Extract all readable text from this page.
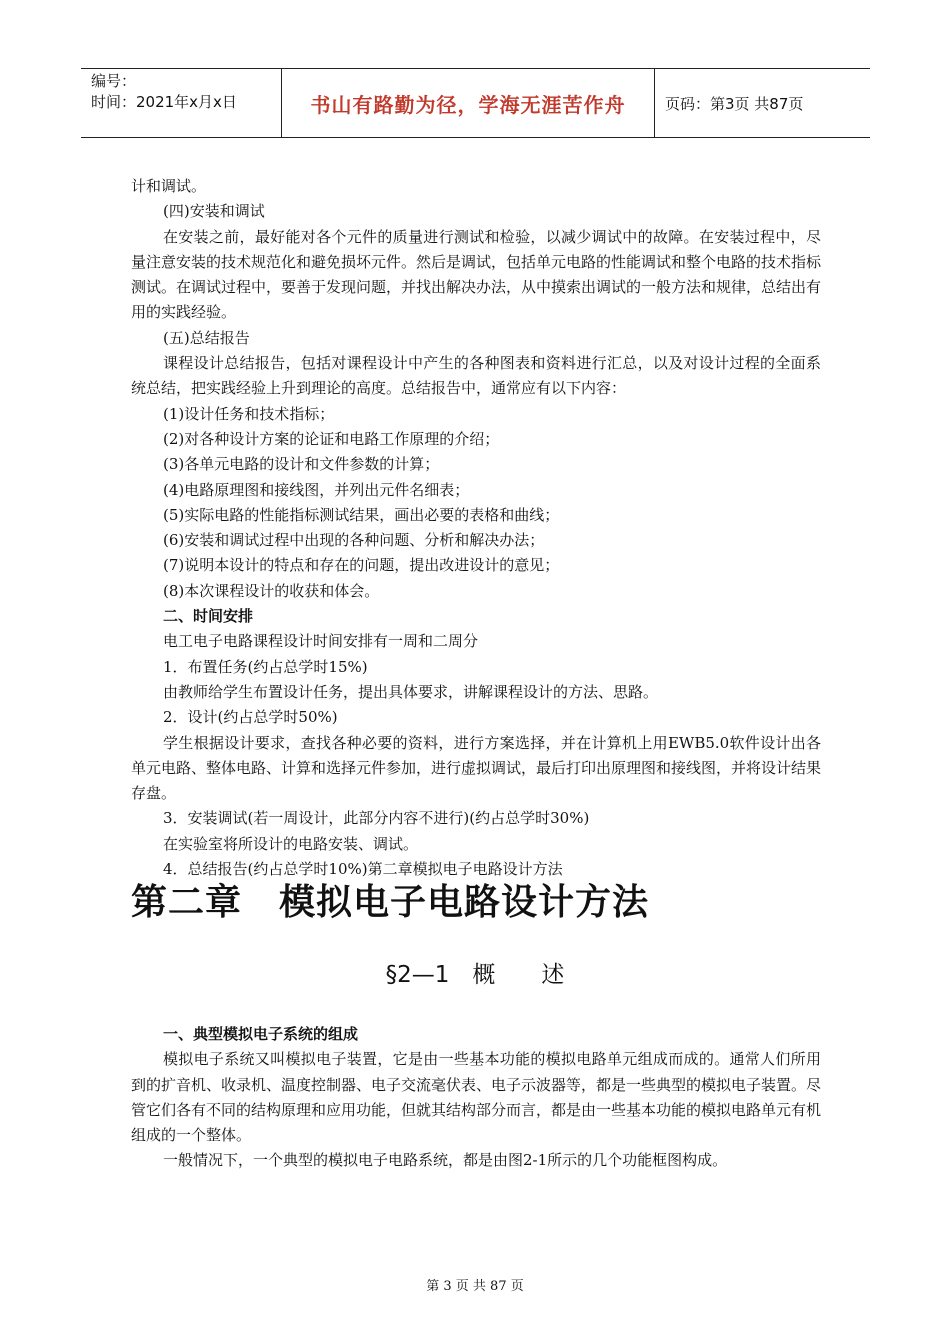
编号：
时间：2021年x月x日	书山有路勤为径，学海无涯苦作舟	页码：第3页 共87页

计和调试。

(四)安装和调试

在安装之前，最好能对各个元件的质量进行测试和检验，以减少调试中的故障。在安装过程中，尽量注意安装的技术规范化和避免损坏元件。然后是调试，包括单元电路的性能调试和整个电路的技术指标测试。在调试过程中，要善于发现问题，并找出解决办法，从中摸索出调试的一般方法和规律，总结出有用的实践经验。

(五)总结报告

课程设计总结报告，包括对课程设计中产生的各种图表和资料进行汇总，以及对设计过程的全面系统总结，把实践经验上升到理论的高度。总结报告中，通常应有以下内容：

(1)设计任务和技术指标；

(2)对各种设计方案的论证和电路工作原理的介绍；

(3)各单元电路的设计和文件参数的计算；

(4)电路原理图和接线图，并列出元件名细表；

(5)实际电路的性能指标测试结果，画出必要的表格和曲线；

(6)安装和调试过程中出现的各种问题、分析和解决办法；

(7)说明本设计的特点和存在的问题，提出改进设计的意见；

(8)本次课程设计的收获和体会。

二、时间安排

电工电子电路课程设计时间安排有一周和二周分

1．布置任务(约占总学时15%)

由教师给学生布置设计任务，提出具体要求，讲解课程设计的方法、思路。

2．设计(约占总学时50%)

学生根据设计要求，查找各种必要的资料，进行方案选择，并在计算机上用EWB5.0软件设计出各单元电路、整体电路、计算和选择元件参加，进行虚拟调试，最后打印出原理图和接线图，并将设计结果存盘。

3．安装调试(若一周设计，此部分内容不进行)(约占总学时30%)

在实验室将所设计的电路安装、调试。

4．总结报告(约占总学时10%)第二章模拟电子电路设计方法

第二章　模拟电子电路设计方法
§2—1　概　　述

一、典型模拟电子系统的组成

模拟电子系统又叫模拟电子装置，它是由一些基本功能的模拟电路单元组成而成的。通常人们所用到的扩音机、收录机、温度控制器、电子交流毫伏表、电子示波器等，都是一些典型的模拟电子装置。尽管它们各有不同的结构原理和应用功能，但就其结构部分而言，都是由一些基本功能的模拟电路单元有机组成的一个整体。

一般情况下，一个典型的模拟电子电路系统，都是由图2-1所示的几个功能框图构成。

第 3 页 共 87 页
